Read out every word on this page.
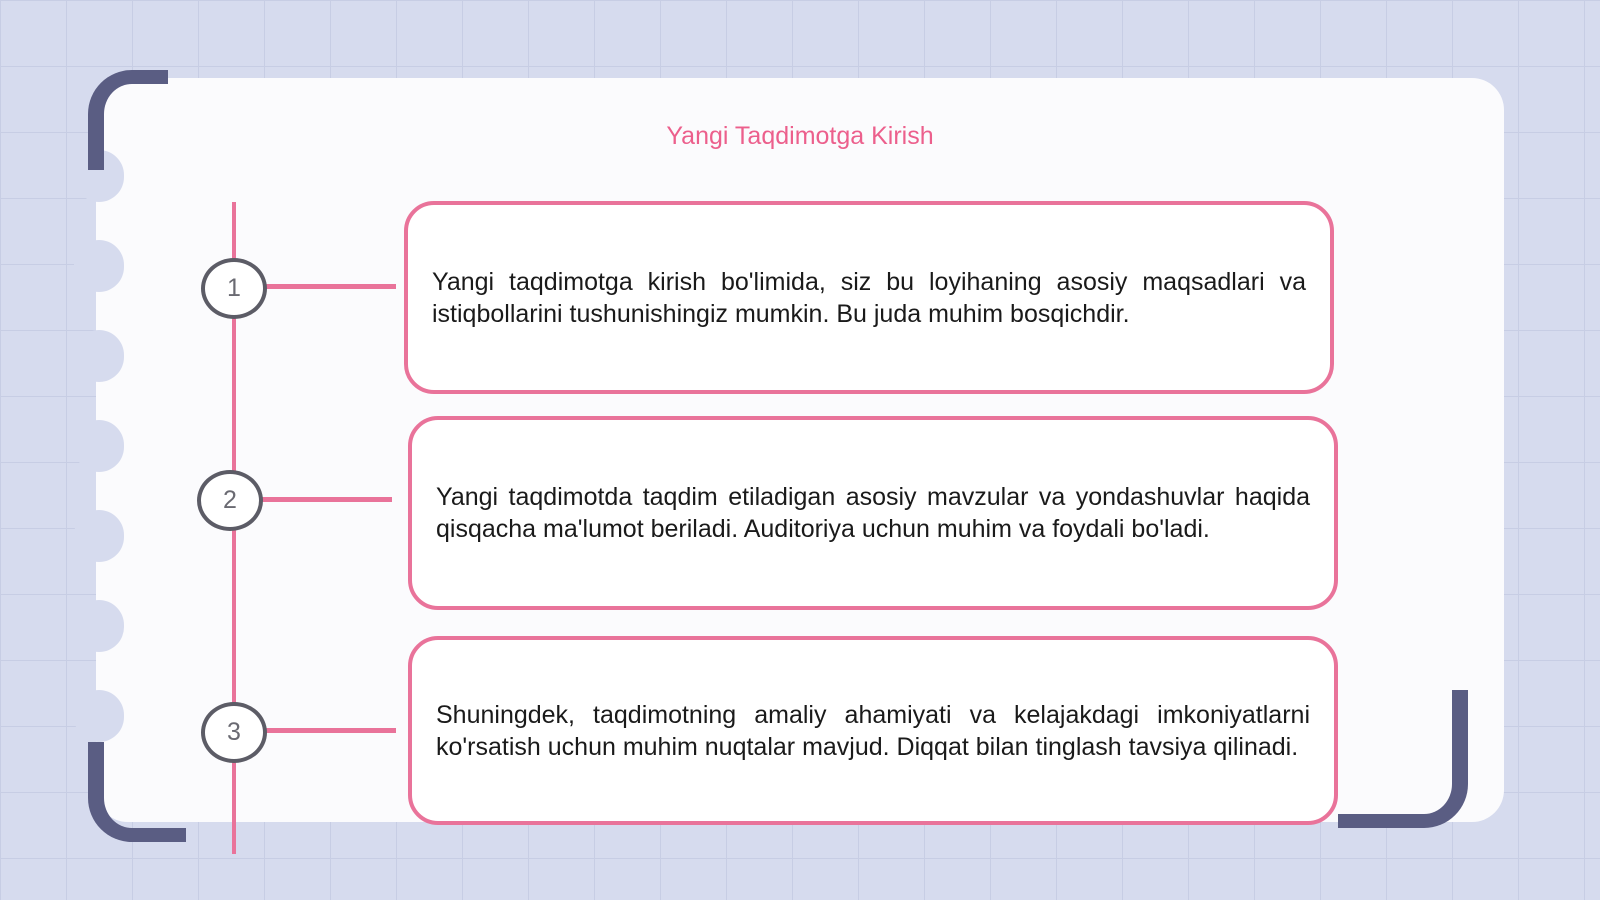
Yangi Taqdimotga Kirish
1
2
3

Yangi taqdimotga kirish bo'limida, siz bu loyihaning asosiy maqsadlari va istiqbollarini tushunishingiz mumkin. Bu juda muhim bosqichdir.

Yangi taqdimotda taqdim etiladigan asosiy mavzular va yondashuvlar haqida qisqacha ma'lumot beriladi. Auditoriya uchun muhim va foydali bo'ladi.

Shuningdek, taqdimotning amaliy ahamiyati va kelajakdagi imkoniyatlarni ko'rsatish uchun muhim nuqtalar mavjud. Diqqat bilan tinglash tavsiya qilinadi.
